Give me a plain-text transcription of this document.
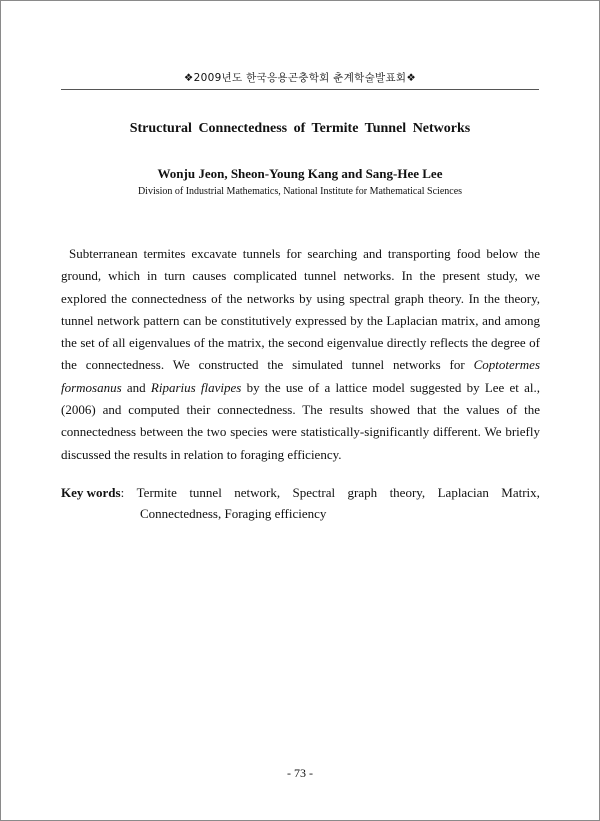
❖2009년도 한국응용곤충학회 춘계학술발표회❖
Structural Connectedness of Termite Tunnel Networks
Wonju Jeon, Sheon-Young Kang and Sang-Hee Lee
Division of Industrial Mathematics, National Institute for Mathematical Sciences

Subterranean termites excavate tunnels for searching and transporting food below the ground, which in turn causes complicated tunnel networks. In the present study, we explored the connectedness of the networks by using spectral graph theory. In the theory, tunnel network pattern can be constitutively expressed by the Laplacian matrix, and among the set of all eigenvalues of the matrix, the second eigenvalue directly reflects the degree of the connectedness. We constructed the simulated tunnel networks for Coptotermes formosanus and Riparius flavipes by the use of a lattice model suggested by Lee et al., (2006) and computed their connectedness. The results showed that the values of the connectedness between the two species were statistically-significantly different. We briefly discussed the results in relation to foraging efficiency.

Key words: Termite tunnel network, Spectral graph theory, Laplacian Matrix,
Connectedness, Foraging efficiency
- 73 -
